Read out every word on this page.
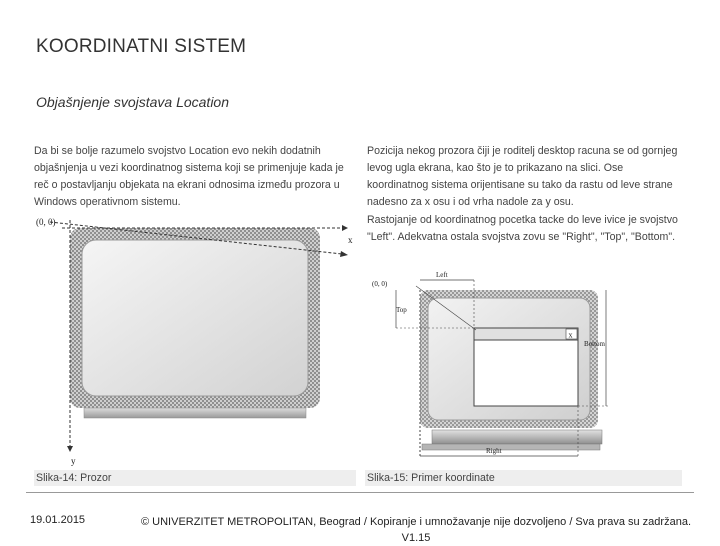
KOORDINATNI SISTEM
Objašnjenje svojstava Location
Da bi se bolje razumelo svojstvo Location evo nekih dodatnih objašnjenja u vezi koordinatnog sistema koji se primenjuje kada je reč o postavljanju objekata na ekrani odnosima između prozora u Windows operativnom sistemu.
Pozicija nekog prozora čiji je roditelj desktop racuna se od gornjeg levog ugla ekrana, kao što je to prikazano na slici. Ose koordinatnog sistema orijentisane su tako da rastu od leve strane nadesno za x osu i od vrha nadole za y osu.
Rastojanje od koordinatnog pocetka tacke do leve ivice je svojstvo "Left". Adekvatna ostala svojstva zovu se "Right", "Top", "Bottom".
(0, 0)
x
y
x
Left
Top
Bottom
Right
(0, 0)
Slika-14: Prozor	Slika-15: Primer koordinate
19.01.2015	© UNIVERZITET METROPOLITAN, Beograd / Kopiranje i umnožavanje nije dozvoljeno / Sva prava su zadržana. V1.15
